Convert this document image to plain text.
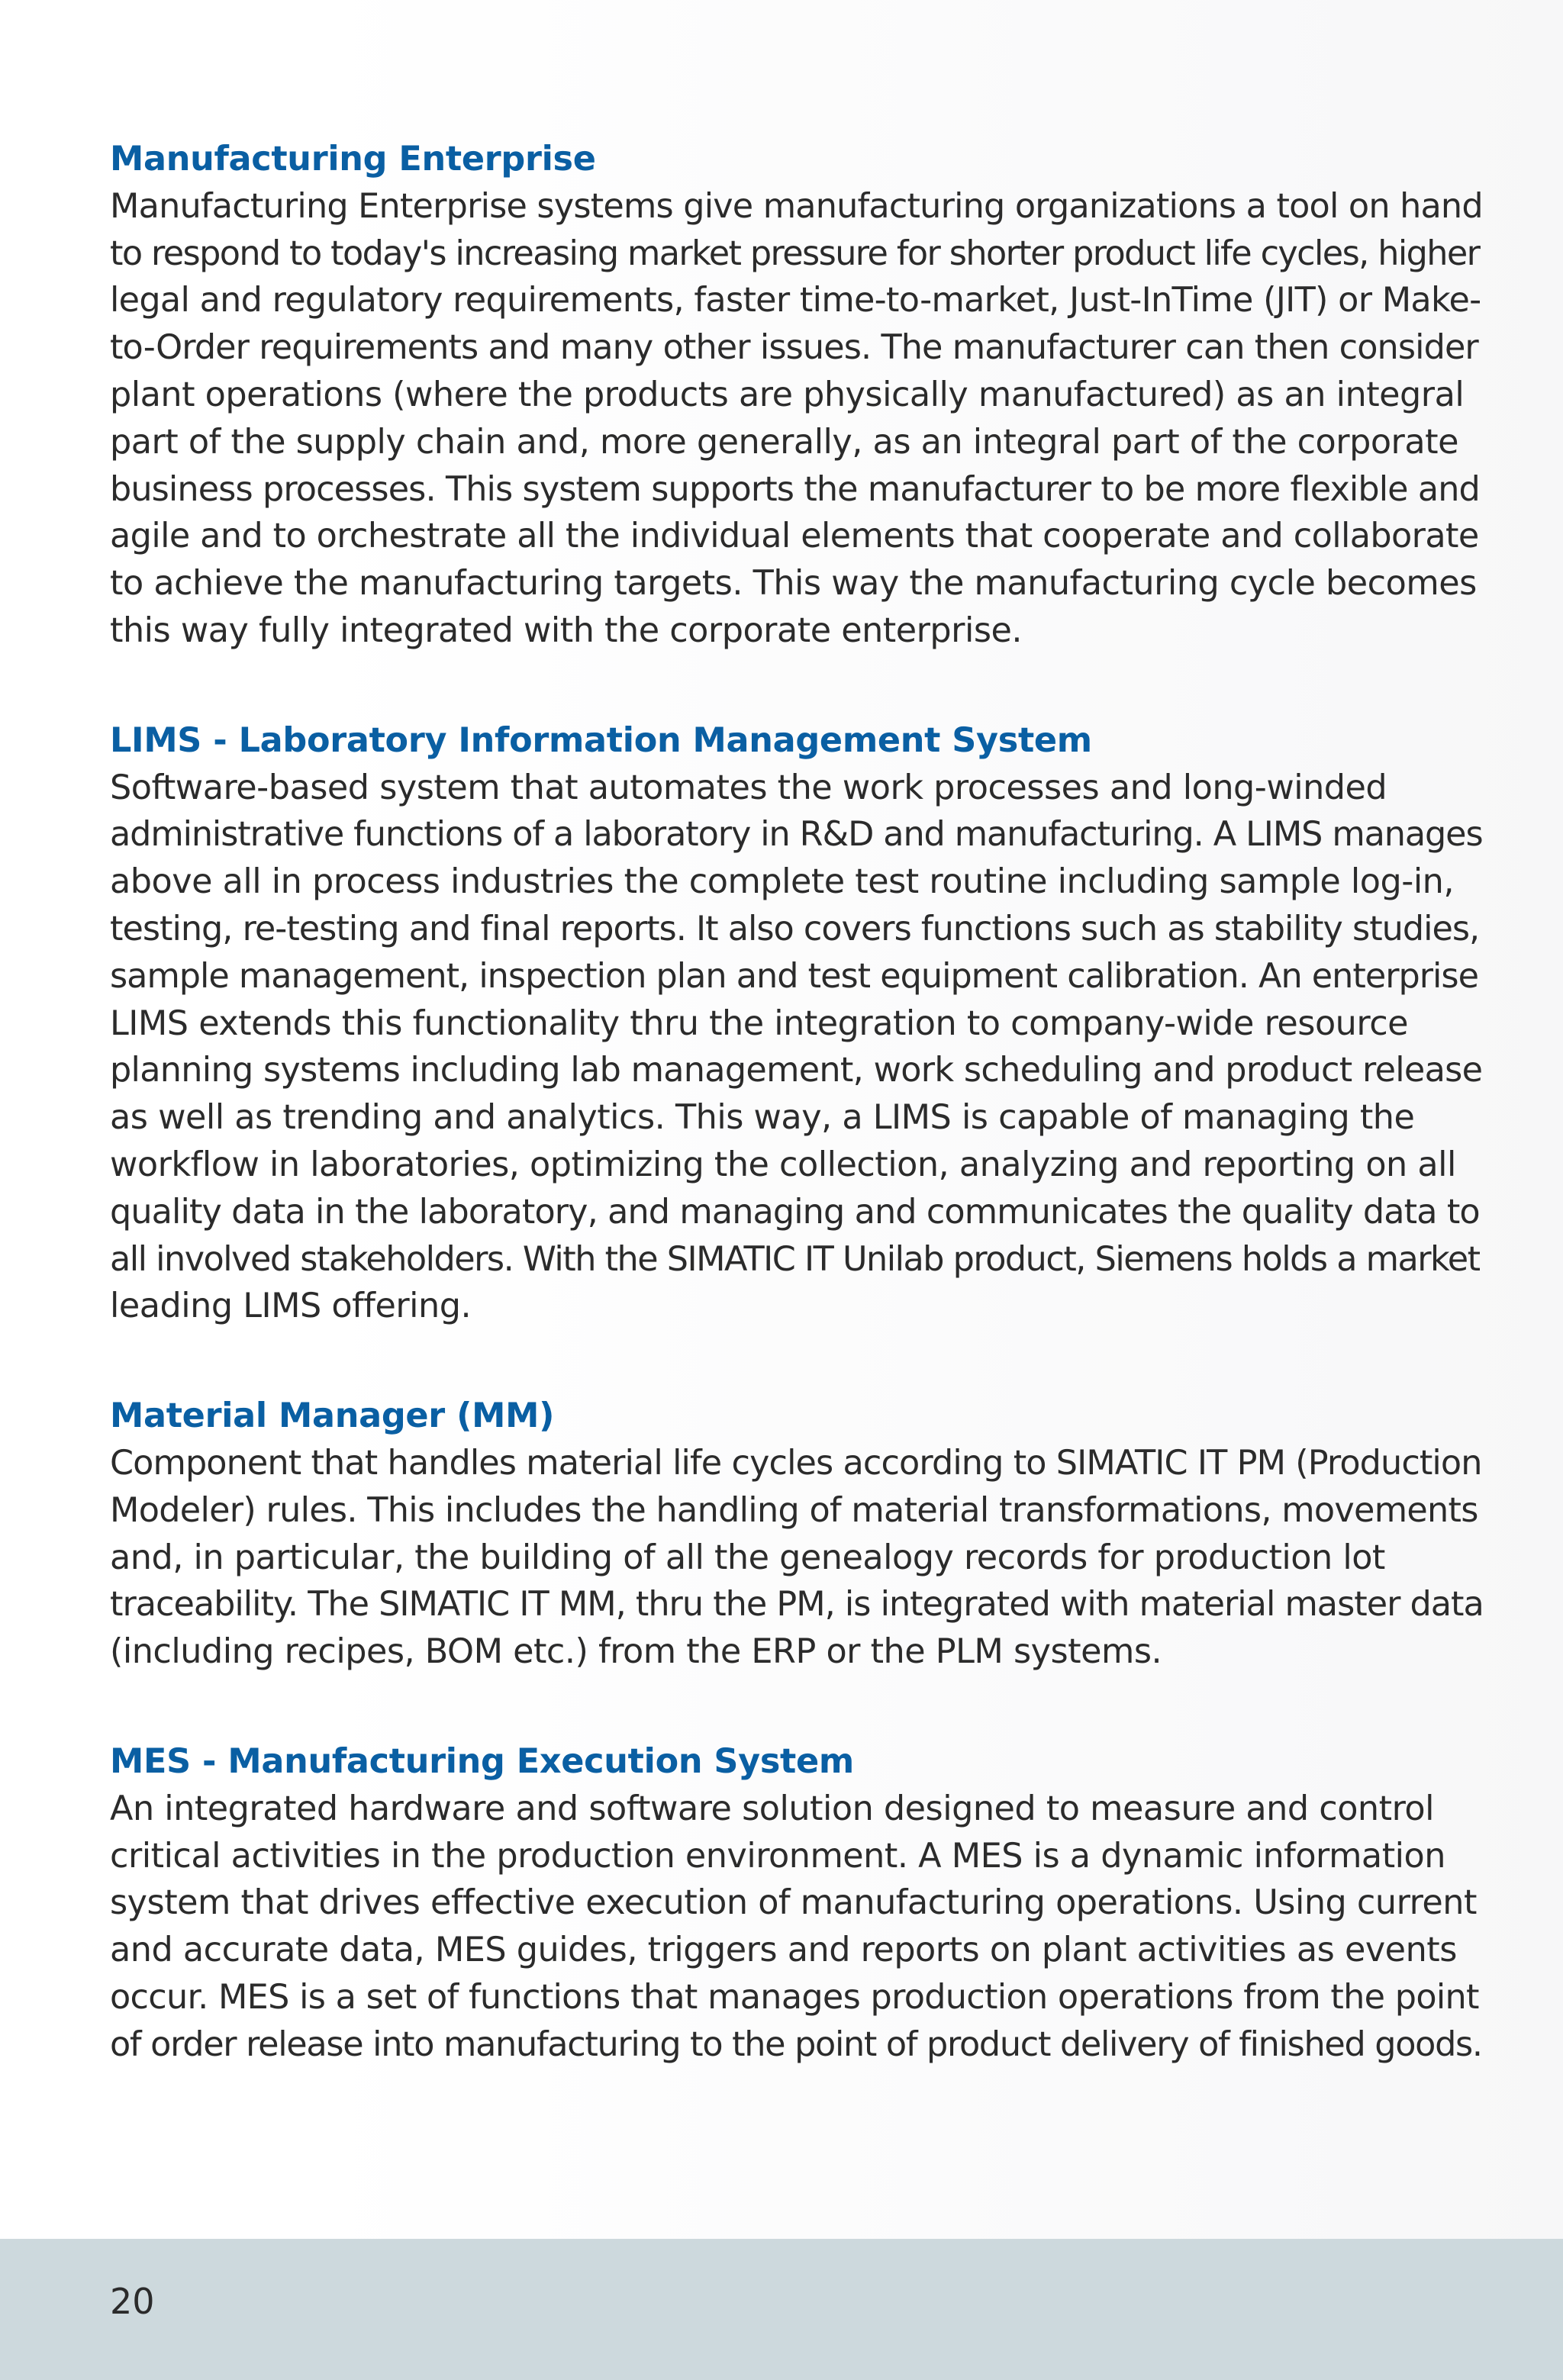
Manufacturing Enterprise

Manufacturing Enterprise systems give manufacturing organizations a tool on hand
to respond to today's increasing market pressure for shorter product life cycles, higher
legal and regulatory requirements, faster time-to-market, Just-InTime (JIT) or Make-
to-Order requirements and many other issues. The manufacturer can then consider
plant operations (where the products are physically manufactured) as an integral
part of the supply chain and, more generally, as an integral part of the corporate
business processes. This system supports the manufacturer to be more flexible and
agile and to orchestrate all the individual elements that cooperate and collaborate
to achieve the manufacturing targets. This way the manufacturing cycle becomes
this way fully integrated with the corporate enterprise.

LIMS - Laboratory Information Management System

Software-based system that automates the work processes and long-winded
administrative functions of a laboratory in R&D and manufacturing. A LIMS manages
above all in process industries the complete test routine including sample log-in,
testing, re-testing and final reports. It also covers functions such as stability studies,
sample management, inspection plan and test equipment calibration. An enterprise
LIMS extends this functionality thru the integration to company-wide resource
planning systems including lab management, work scheduling and product release
as well as trending and analytics. This way, a LIMS is capable of managing the
workflow in laboratories, optimizing the collection, analyzing and reporting on all
quality data in the laboratory, and managing and communicates the quality data to
all involved stakeholders. With the SIMATIC IT Unilab product, Siemens holds a market
leading LIMS offering.

Material Manager (MM)

Component that handles material life cycles according to SIMATIC IT PM (Production
Modeler) rules. This includes the handling of material transformations, movements
and, in particular, the building of all the genealogy records for production lot
traceability. The SIMATIC IT MM, thru the PM, is integrated with material master data
(including recipes, BOM etc.) from the ERP or the PLM systems.

MES - Manufacturing Execution System

An integrated hardware and software solution designed to measure and control
critical activities in the production environment. A MES is a dynamic information
system that drives effective execution of manufacturing operations. Using current
and accurate data, MES guides, triggers and reports on plant activities as events
occur. MES is a set of functions that manages production operations from the point
of order release into manufacturing to the point of product delivery of finished goods.

20
